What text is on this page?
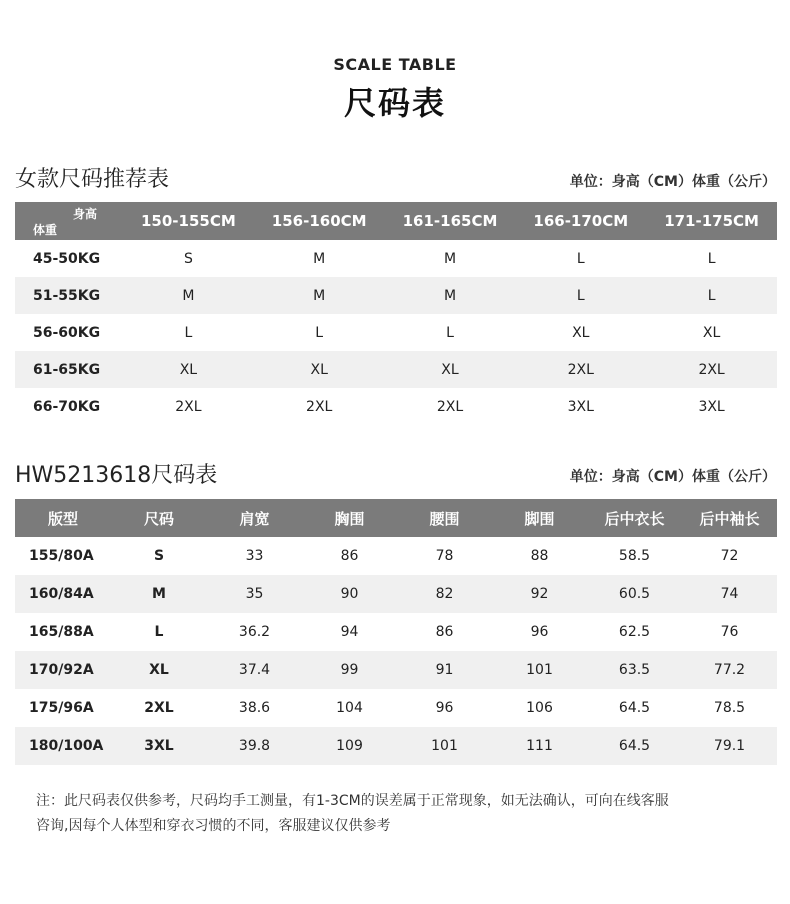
SCALE TABLE
尺码表
女款尺码推荐表	单位：身高（CM）体重（公斤）
身高
体重	150-155CM	156-160CM	161-165CM	166-170CM	171-175CM
45-50KG	S	M	M	L	L
51-55KG	M	M	M	L	L
56-60KG	L	L	L	XL	XL
61-65KG	XL	XL	XL	2XL	2XL
66-70KG	2XL	2XL	2XL	3XL	3XL
HW5213618尺码表	单位：身高（CM）体重（公斤）
版型	尺码	肩宽	胸围	腰围	脚围	后中衣长	后中袖长
155/80A	S	33	86	78	88	58.5	72
160/84A	M	35	90	82	92	60.5	74
165/88A	L	36.2	94	86	96	62.5	76
170/92A	XL	37.4	99	91	101	63.5	77.2
175/96A	2XL	38.6	104	96	106	64.5	78.5
180/100A	3XL	39.8	109	101	111	64.5	79.1
注：此尺码表仅供参考，尺码均手工测量，有1-3CM的误差属于正常现象，如无法确认，可向在线客服
咨询,因每个人体型和穿衣习惯的不同，客服建议仅供参考
